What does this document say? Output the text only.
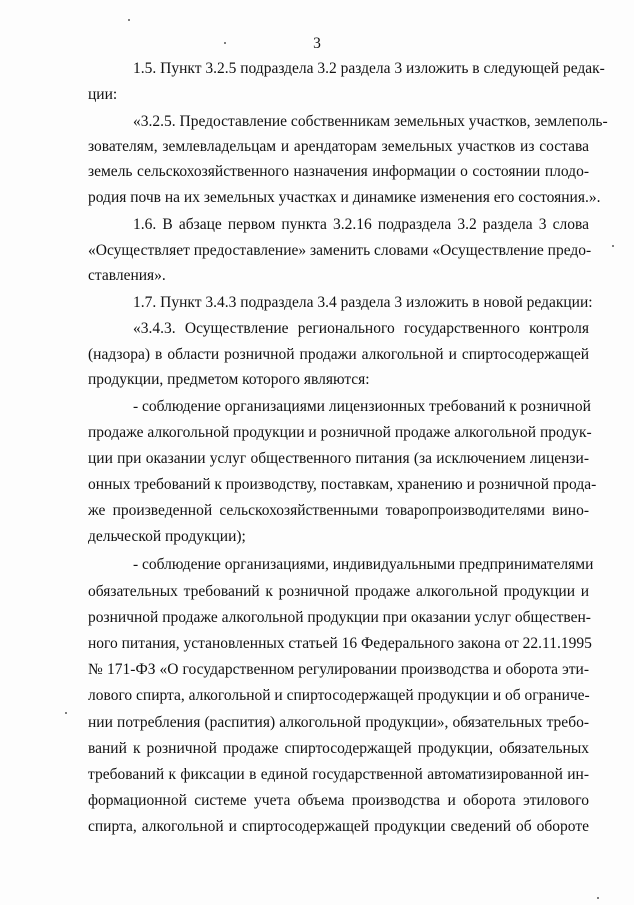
3
1.5. Пункт 3.2.5 подраздела 3.2 раздела 3 изложить в следующей редак-
ции:
«3.2.5. Предоставление собственникам земельных участков, землеполь-
зователям, землевладельцам и арендаторам земельных участков из состава
земель сельскохозяйственного назначения информации о состоянии плодо-
родия почв на их земельных участках и динамике изменения его состояния.».
1.6. В абзаце первом пункта 3.2.16 подраздела 3.2 раздела 3 слова
«Осуществляет предоставление» заменить словами «Осуществление предо-
ставления».
1.7. Пункт 3.4.3 подраздела 3.4 раздела 3 изложить в новой редакции:
«3.4.3. Осуществление регионального государственного контроля
(надзора) в области розничной продажи алкогольной и спиртосодержащей
продукции, предметом которого являются:
- соблюдение организациями лицензионных требований к розничной
продаже алкогольной продукции и розничной продаже алкогольной продук-
ции при оказании услуг общественного питания (за исключением лицензи-
онных требований к производству, поставкам, хранению и розничной прода-
же произведенной сельскохозяйственными товаропроизводителями вино-
дельческой продукции);
- соблюдение организациями, индивидуальными предпринимателями
обязательных требований к розничной продаже алкогольной продукции и
розничной продаже алкогольной продукции при оказании услуг обществен-
ного питания, установленных статьей 16 Федерального закона от 22.11.1995
№ 171-ФЗ «О государственном регулировании производства и оборота эти-
лового спирта, алкогольной и спиртосодержащей продукции и об ограниче-
нии потребления (распития) алкогольной продукции», обязательных требо-
ваний к розничной продаже спиртосодержащей продукции, обязательных
требований к фиксации в единой государственной автоматизированной ин-
формационной системе учета объема производства и оборота этилового
спирта, алкогольной и спиртосодержащей продукции сведений об обороте
